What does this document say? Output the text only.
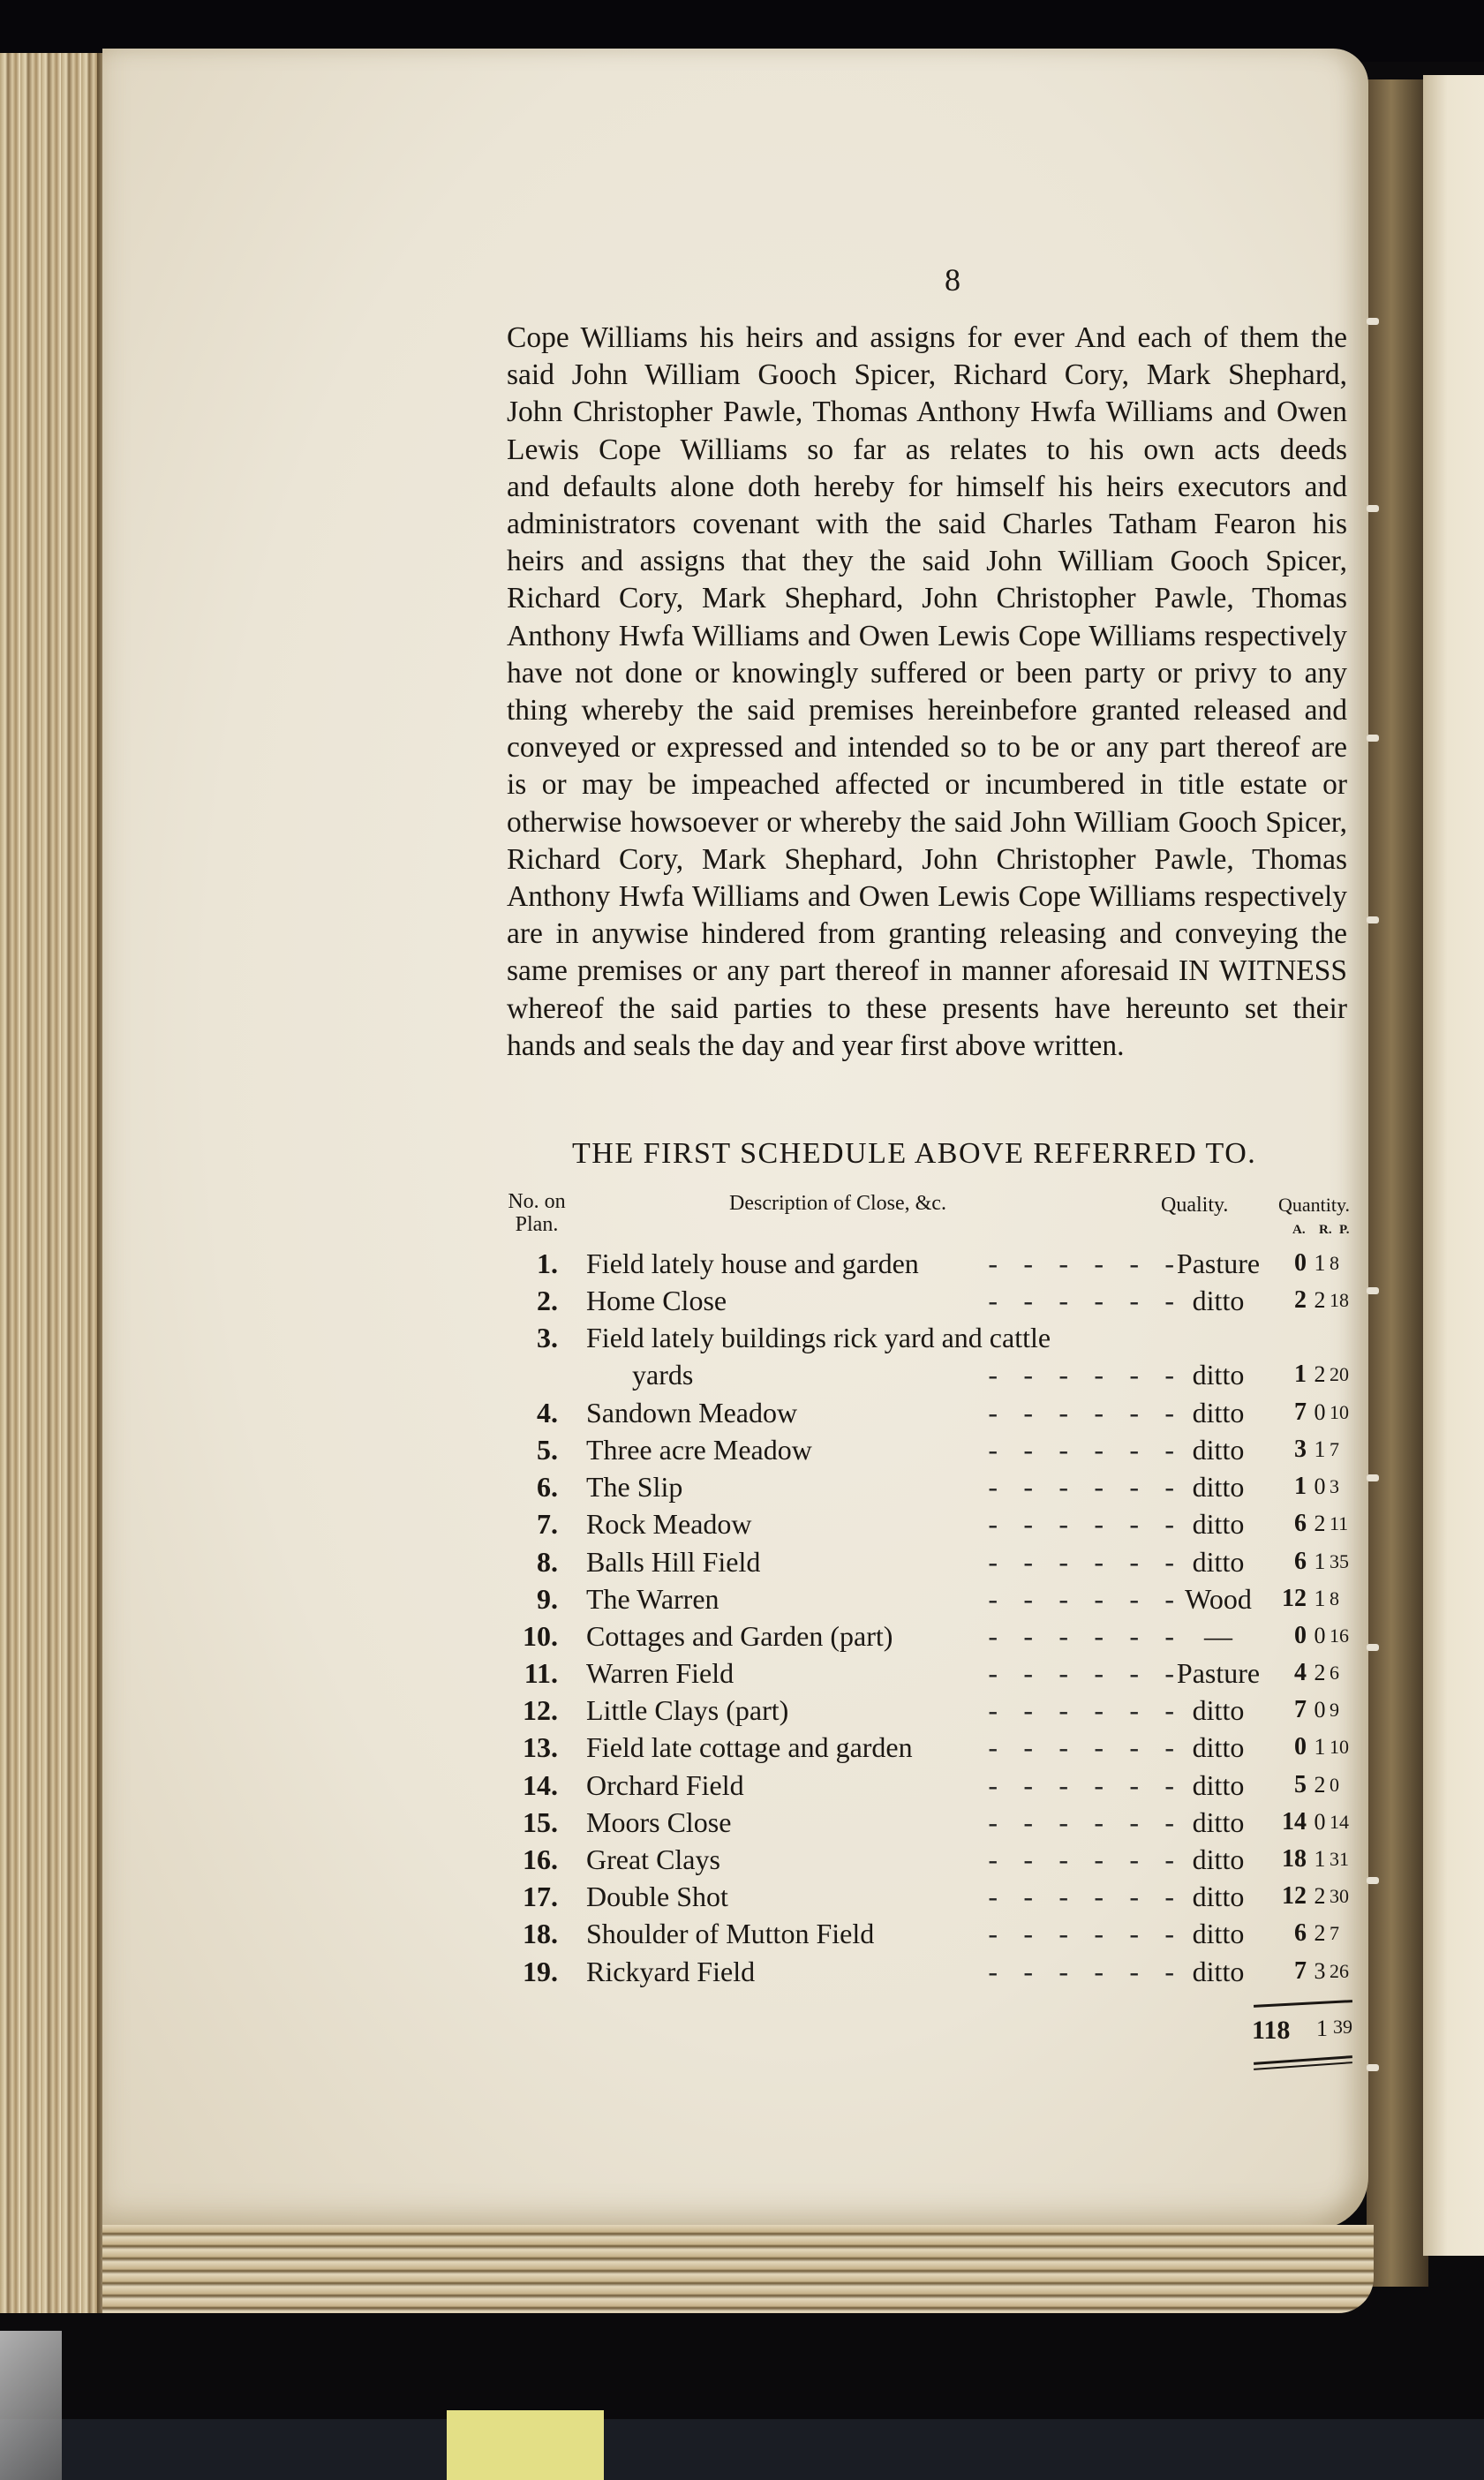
8
Cope Williams his heirs and assigns for ever And each of them the
said John William Gooch Spicer, Richard Cory, Mark Shephard,
John Christopher Pawle, Thomas Anthony Hwfa Williams and Owen
Lewis Cope Williams so far as relates to his own acts deeds
and defaults alone doth hereby for himself his heirs executors and
administrators covenant with the said Charles Tatham Fearon his
heirs and assigns that they the said John William Gooch Spicer,
Richard Cory, Mark Shephard, John Christopher Pawle, Thomas
Anthony Hwfa Williams and Owen Lewis Cope Williams respectively
have not done or knowingly suffered or been party or privy to any
thing whereby the said premises hereinbefore granted released and
conveyed or expressed and intended so to be or any part thereof are
is or may be impeached affected or incumbered in title estate or
otherwise howsoever or whereby the said John William Gooch Spicer,
Richard Cory, Mark Shephard, John Christopher Pawle, Thomas
Anthony Hwfa Williams and Owen Lewis Cope Williams respectively
are in anywise hindered from granting releasing and conveying the
same premises or any part thereof in manner aforesaid IN WITNESS
whereof the said parties to these presents have hereunto set their
hands and seals the day and year first above written.
THE FIRST SCHEDULE ABOVE REFERRED TO.
No. on
Plan.
Description of Close, &c.	Quality.	Quantity.
A. R. P.
1. Field lately house and garden	- - - - - - Pasture	0 1 8
2. Home Close	- - - - - - ditto	2 2 18
3. Field lately buildings rick yard and cattle
yards	- - - - - - ditto	1 2 20
4. Sandown Meadow	- - - - - - ditto	7 0 10
5. Three acre Meadow	- - - - - - ditto	3 1 7
6. The Slip	- - - - - - ditto	1 0 3
7. Rock Meadow	- - - - - - ditto	6 2 11
8. Balls Hill Field	- - - - - - ditto	6 1 35
9. The Warren	- - - - - - Wood	12 1 8
10. Cottages and Garden (part)	- - - - - -	—	0 0 16
11. Warren Field	- - - - - - Pasture	4 2 6
12. Little Clays (part)	- - - - - - ditto	7 0 9
13. Field late cottage and garden	- - - - - - ditto	0 1 10
14. Orchard Field	- - - - - - ditto	5 2 0
15. Moors Close	- - - - - - ditto	14 0 14
16. Great Clays	- - - - - - ditto	18 1 31
17. Double Shot	- - - - - - ditto	12 2 30
18. Shoulder of Mutton Field	- - - - - - ditto	6 2 7
19. Rickyard Field	- - - - - - ditto	7 3 26
118 1 39
